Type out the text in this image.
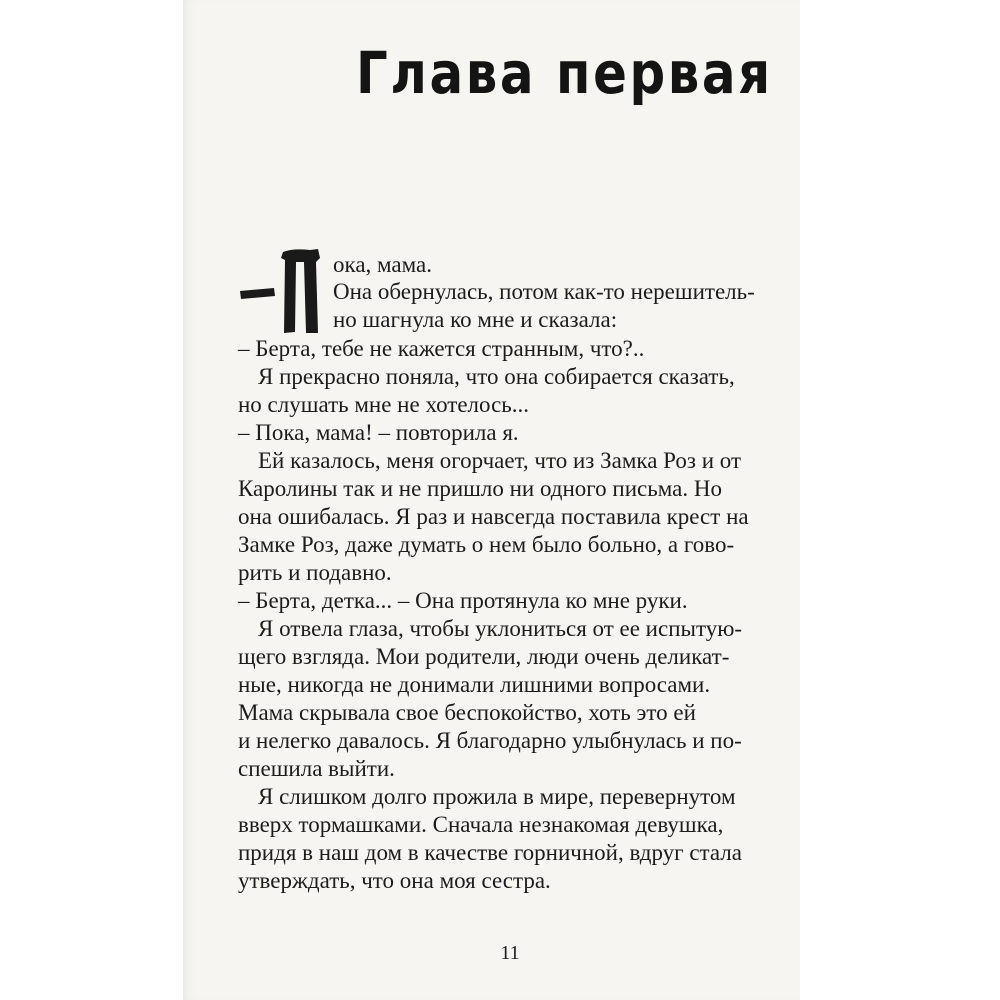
Глава первая
ока, мама.
Она обернулась, потом как-то нерешитель-
но шагнула ко мне и сказала:
– Берта, тебе не кажется странным, что?..
Я прекрасно поняла, что она собирается сказать,
но слушать мне не хотелось...
– Пока, мама! – повторила я.
Ей казалось, меня огорчает, что из Замка Роз и от
Каролины так и не пришло ни одного письма. Но
она ошибалась. Я раз и навсегда поставила крест на
Замке Роз, даже думать о нем было больно, а гово-
рить и подавно.
– Берта, детка... – Она протянула ко мне руки.
Я отвела глаза, чтобы уклониться от ее испытую-
щего взгляда. Мои родители, люди очень деликат-
ные, никогда не донимали лишними вопросами.
Мама скрывала свое беспокойство, хоть это ей
и нелегко давалось. Я благодарно улыбнулась и по-
спешила выйти.
Я слишком долго прожила в мире, перевернутом
вверх тормашками. Сначала незнакомая девушка,
придя в наш дом в качестве горничной, вдруг стала
утверждать, что она моя сестра.
11
